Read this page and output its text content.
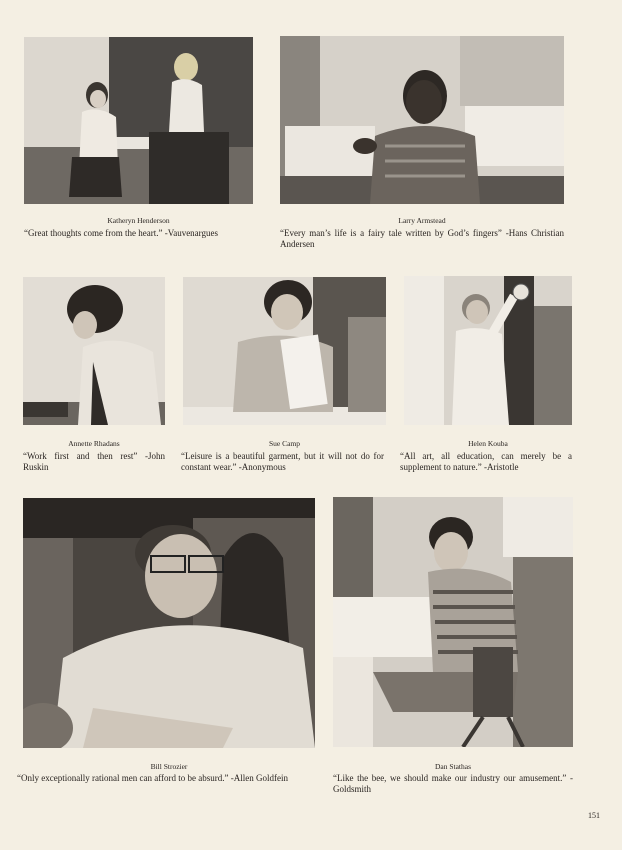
Katheryn Henderson
“Great thoughts come from the heart.” -Vauvenargues
Larry Armstead
“Every man’s life is a fairy tale written by God’s fingers” -Hans Christian Andersen
Annette Rhadans
“Work first and then rest” -John Ruskin
Sue Camp
“Leisure is a beautiful garment, but it will not do for constant wear.” -Anonymous
Helen Kouba
“All art, all education, can merely be a supplement to nature.” -Aristotle
Bill Strozier
“Only exceptionally rational men can afford to be absurd.” -Allen Goldfein
Dan Stathas
“Like the bee, we should make our industry our amusement.” -Goldsmith
151
